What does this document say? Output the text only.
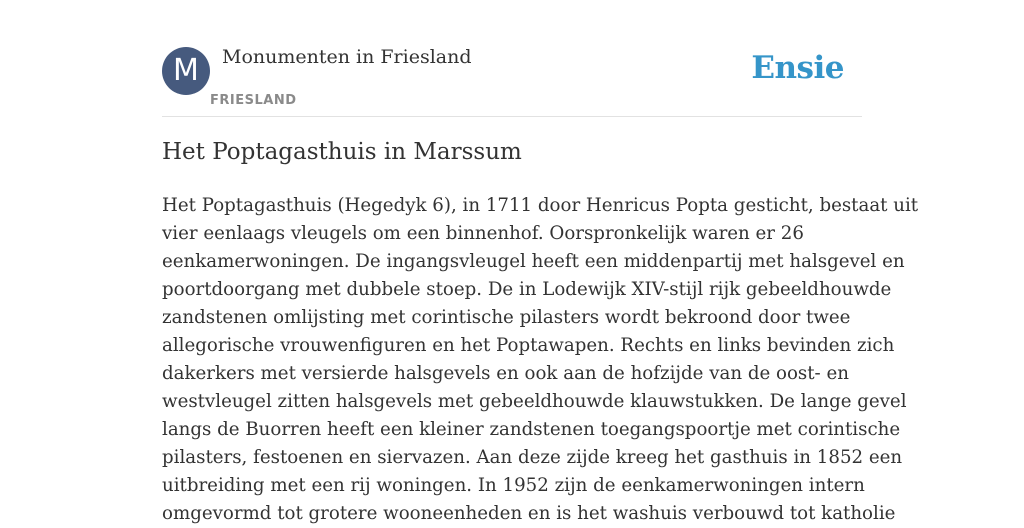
M	Monumenten in Friesland
FRIESLAND
Ensie
Het Poptagasthuis in Marssum

Het Poptagasthuis (Hegedyk 6), in 1711 door Henricus Popta gesticht, bestaat uit
vier eenlaags vleugels om een binnenhof. Oorspronkelijk waren er 26
eenkamerwoningen. De ingangsvleugel heeft een middenpartij met halsgevel en
poortdoorgang met dubbele stoep. De in Lodewijk XIV-stijl rijk gebeeldhouwde
zandstenen omlijsting met corintische pilasters wordt bekroond door twee
allegorische vrouwenfiguren en het Poptawapen. Rechts en links bevinden zich
dakerkers met versierde halsgevels en ook aan de hofzijde van de oost- en
westvleugel zitten halsgevels met gebeeldhouwde klauwstukken. De lange gevel
langs de Buorren heeft een kleiner zandstenen toegangspoortje met corintische
pilasters, festoenen en siervazen. Aan deze zijde kreeg het gasthuis in 1852 een
uitbreiding met een rij woningen. In 1952 zijn de eenkamerwoningen intern
omgevormd tot grotere wooneenheden en is het washuis verbouwd tot katholie
